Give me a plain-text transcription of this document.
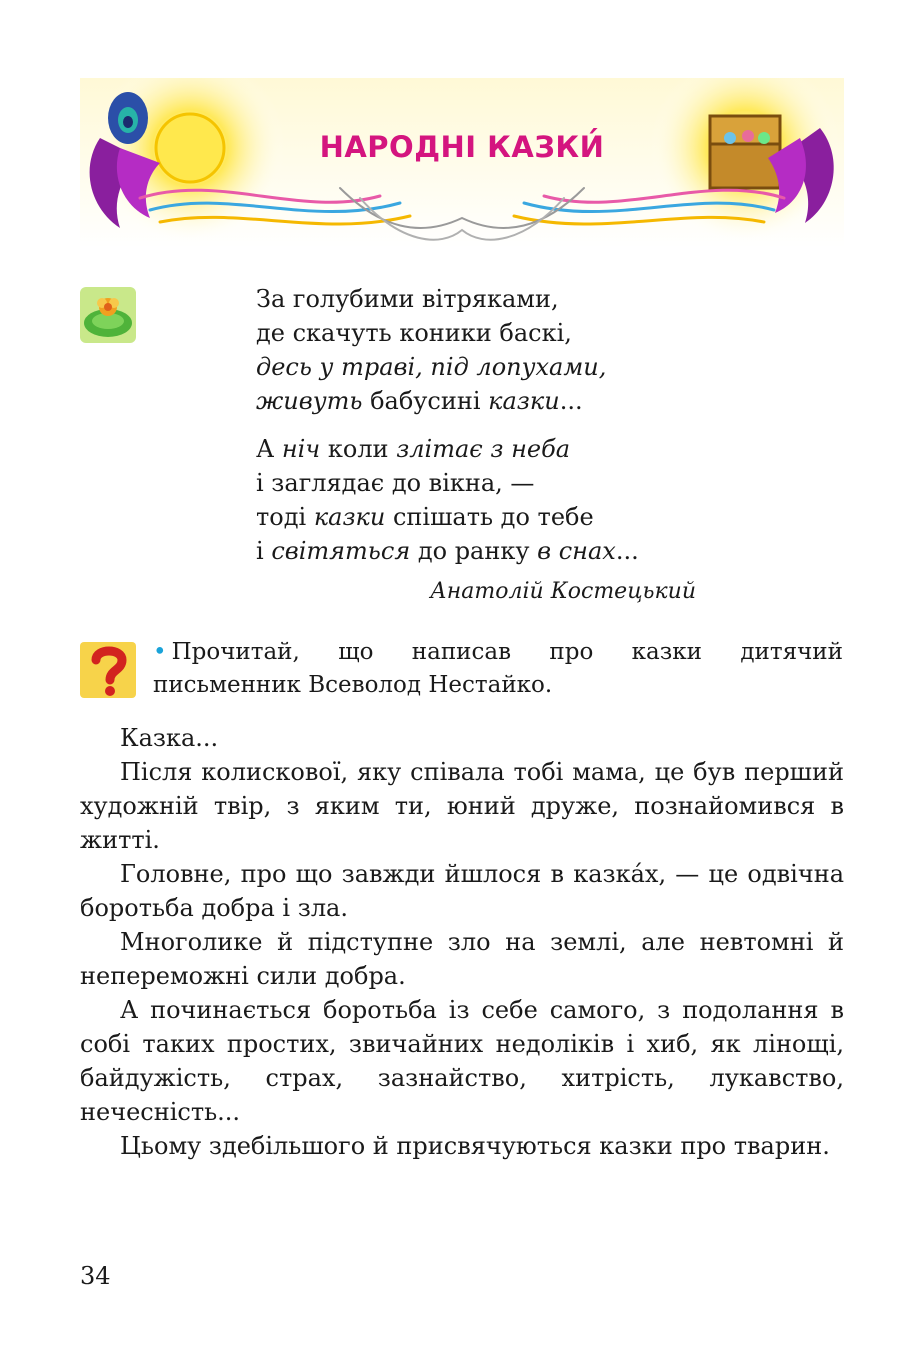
НАРОДНІ КАЗКИ́
За голубими вітряками,
де скачуть коники баскі,
десь у траві, під лопухами,
живуть бабусині казки...
А ніч коли злітає з неба
і заглядає до вікна, —
тоді казки спішать до тебе
і світяться до ранку в снах...
Анатолій Костецький
• Прочитай, що написав про казки дитячий
письменник Всеволод Нестайко.

Казка...

Після колискової, яку співала тобі мама, це був перший художній твір, з яким ти, юний друже, познайомився в житті.

Головне, про що завжди йшлося в казка́х, — це одвічна боротьба добра і зла.

Многолике й підступне зло на землі, але невтомні й непереможні сили добра.

А починається боротьба із себе самого, з подолання в собі таких простих, звичайних недоліків і хиб, як лінощі, байдужість, страх, зазнайство, хитрість, лукавство, нечесність...

Цьому здебільшого й присвячуються казки про тварин.

34
